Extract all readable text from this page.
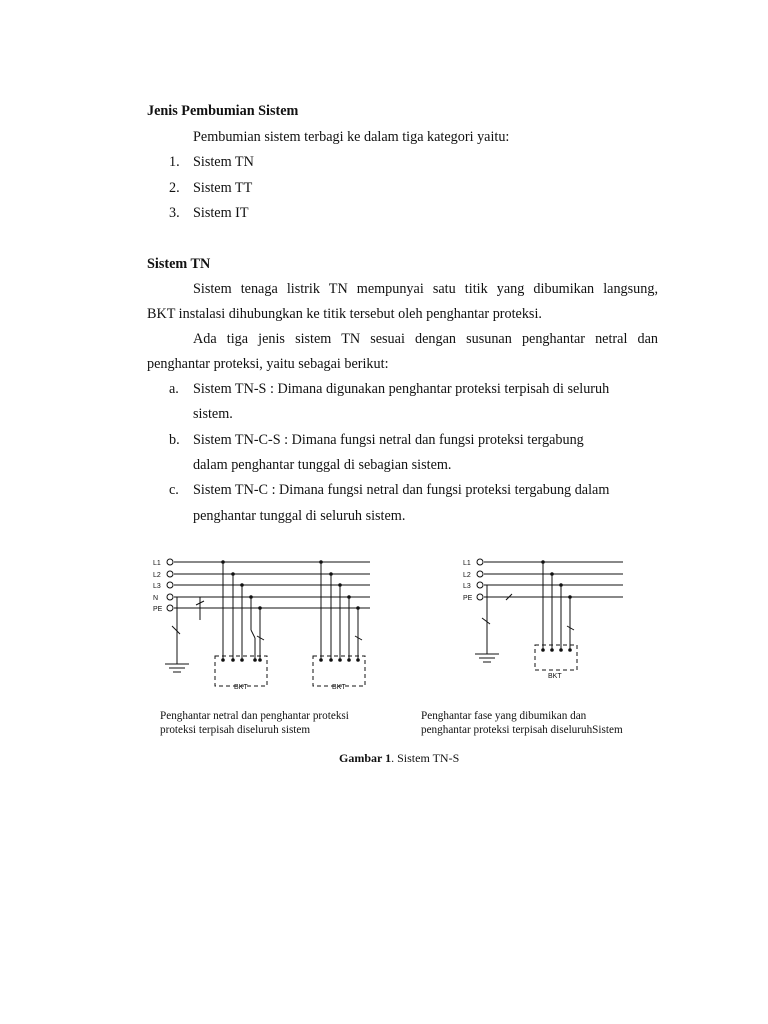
Jenis Pembumian Sistem
Pembumian sistem terbagi ke dalam tiga kategori yaitu:
1. Sistem TN
2. Sistem TT
3. Sistem IT
Sistem TN
Sistem tenaga listrik TN mempunyai satu titik yang dibumikan langsung,
BKT instalasi dihubungkan ke titik tersebut oleh penghantar proteksi.
Ada tiga jenis sistem TN sesuai dengan susunan penghantar netral dan
penghantar proteksi, yaitu sebagai berikut:
a. Sistem TN-S : Dimana digunakan penghantar proteksi terpisah di seluruh
sistem.
b. Sistem TN-C-S : Dimana fungsi netral dan fungsi proteksi tergabung
dalam penghantar tunggal di sebagian sistem.
c. Sistem TN-C : Dimana fungsi netral dan fungsi proteksi tergabung dalam
penghantar tunggal di seluruh sistem.
L1
L2
L3
N
PE
BKT	BKT
L1
L2
L3
PE
BKT
Penghantar netral dan penghantar proteksi
proteksi terpisah diseluruh sistem
Penghantar fase yang dibumikan dan
penghantar proteksi terpisah diseluruhSistem
Gambar 1. Sistem TN-S
